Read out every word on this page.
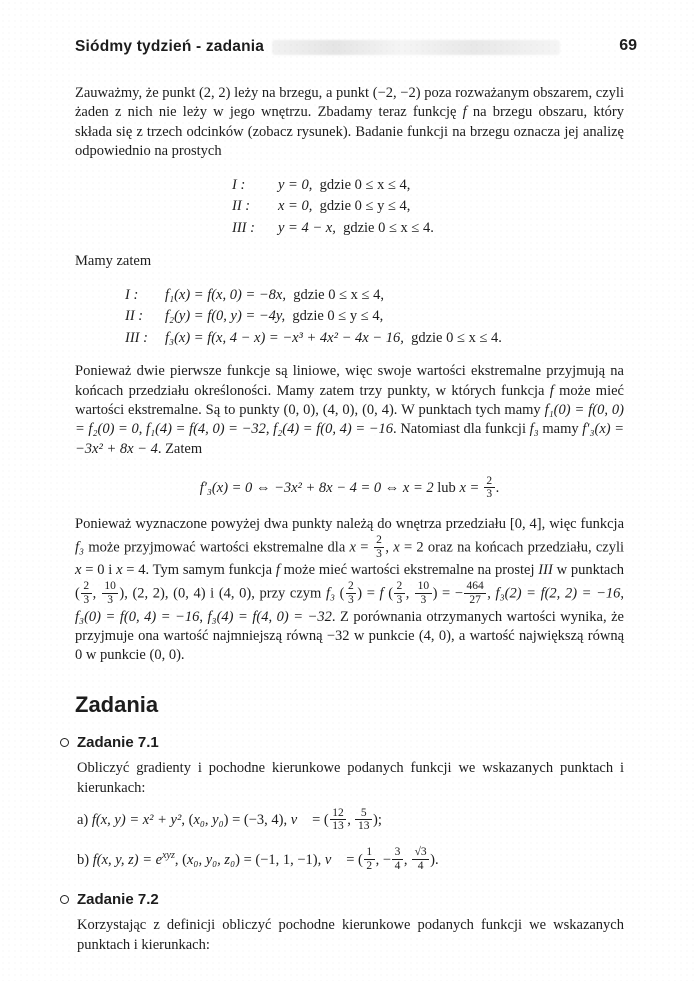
Siódmy tydzień - zadania	69

Zauważmy, że punkt (2, 2) leży na brzegu, a punkt (−2, −2) poza rozważanym obszarem, czyli żaden z nich nie leży w jego wnętrzu. Zbadamy teraz funkcję f na brzegu obszaru, który składa się z trzech odcinków (zobacz rysunek). Badanie funkcji na brzegu oznacza jej analizę odpowiednio na prostych

I :	y = 0, gdzie 0 ≤ x ≤ 4,
II :	x = 0, gdzie 0 ≤ y ≤ 4,
III :	y = 4 − x, gdzie 0 ≤ x ≤ 4.

Mamy zatem

I :	f₁(x) = f(x, 0) = −8x, gdzie 0 ≤ x ≤ 4,
II :	f₂(y) = f(0, y) = −4y, gdzie 0 ≤ y ≤ 4,
III :	f₃(x) = f(x, 4 − x) = −x³ + 4x² − 4x − 16, gdzie 0 ≤ x ≤ 4.

Ponieważ dwie pierwsze funkcje są liniowe, więc swoje wartości ekstremalne przyjmują na końcach przedziału określoności. Mamy zatem trzy punkty, w których funkcja f może mieć wartości ekstremalne. Są to punkty (0, 0), (4, 0), (0, 4). W punktach tych mamy f₁(0) = f(0, 0) = f₂(0) = 0, f₁(4) = f(4, 0) = −32, f₂(4) = f(0, 4) = −16. Natomiast dla funkcji f₃ mamy f′₃(x) = −3x² + 8x − 4. Zatem

f′₃(x) = 0 ⇔ −3x² + 8x − 4 = 0 ⇔ x = 2 lub $x = \frac{2}{3}$ .

Ponieważ wyznaczone powyżej dwa punkty należą do wnętrza przedziału [0, 4], więc funkcja f₃ może przyjmować wartości ekstremalne dla $x = \frac{2}{3}$ , x = 2 oraz na końcach przedziału, czyli x = 0 i x = 4. Tym samym funkcja f może mieć wartości ekstremalne na prostej III w punktach ( $\frac{2}{3}$ , $\frac{10}{3}$ ), (2, 2), (0, 4) i (4, 0), przy czym f₃ ( $\frac{2}{3}$ ) = f ( $\frac{2}{3}$ , $\frac{10}{3}$ ) = − $\frac{464}{27}$ , f₃(2) = f(2, 2) = −16, f₃(0) = f(0, 4) = −16, f₃(4) = f(4, 0) = −32. Z porównania otrzymanych wartości wynika, że przyjmuje ona wartość najmniejszą równą −32 w punkcie (4, 0), a wartość największą równą 0 w punkcie (0, 0).

Zadania
Zadanie 7.1
Obliczyć gradienty i pochodne kierunkowe podanych funkcji we wskazanych punktach i kierunkach:
a) f(x, y) = x² + y², (x₀, y₀) = (−3, 4), v⃗ = ( $\frac{12}{13}$ , $\frac{5}{13}$ );
b) f(x, y, $z) = e^{xyz}$, (x₀, y₀, z₀) = (−1, 1, −1), v⃗ = ( $\frac{1}{2}$ , − $\frac{3}{4}$ , $\frac{√3}{4}$ ).
Zadanie 7.2
Korzystając z definicji obliczyć pochodne kierunkowe podanych funkcji we wskazanych punktach i kierunkach:
